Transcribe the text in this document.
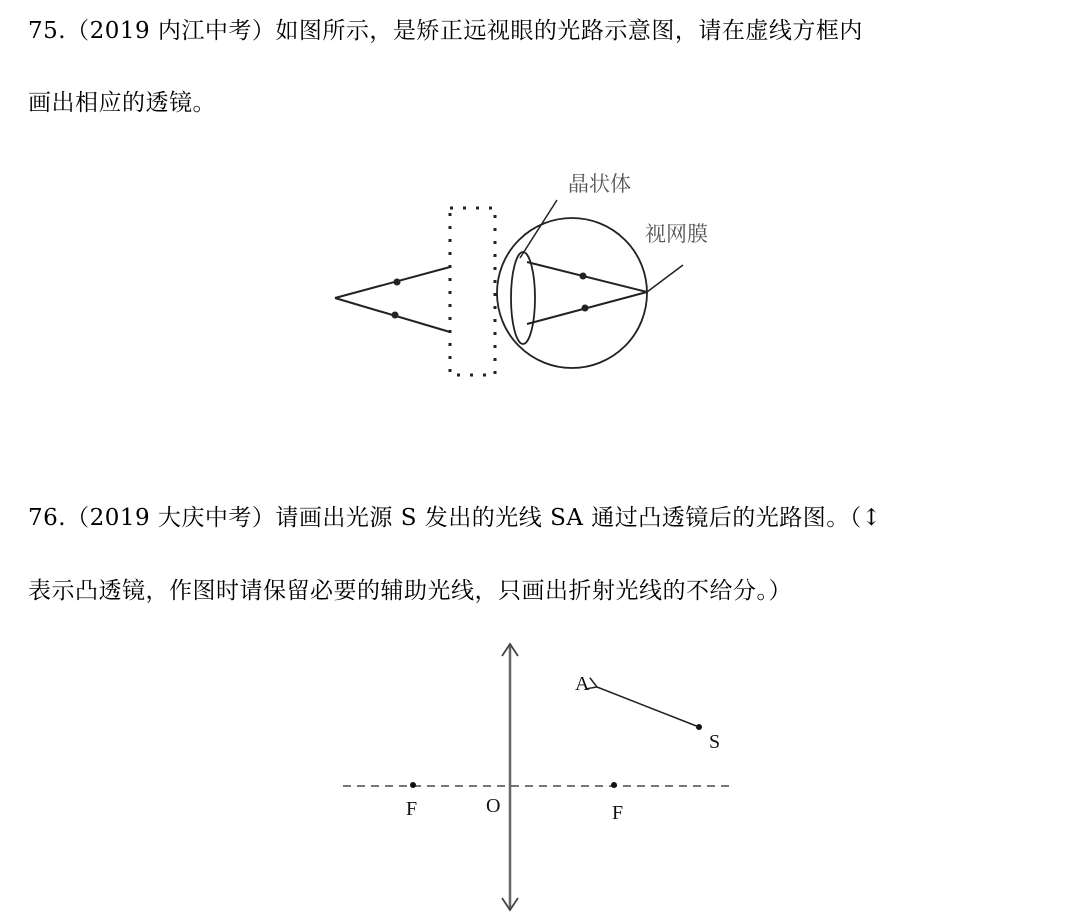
75.（2019 内江中考）如图所示，是矫正远视眼的光路示意图，请在虚线方框内
画出相应的透镜。
晶状体
视网膜
A
S
F	O	F
76.（2019 大庆中考）请画出光源 S 发出的光线 SA 通过凸透镜后的光路图。（↕
表示凸透镜，作图时请保留必要的辅助光线，只画出折射光线的不给分。）
